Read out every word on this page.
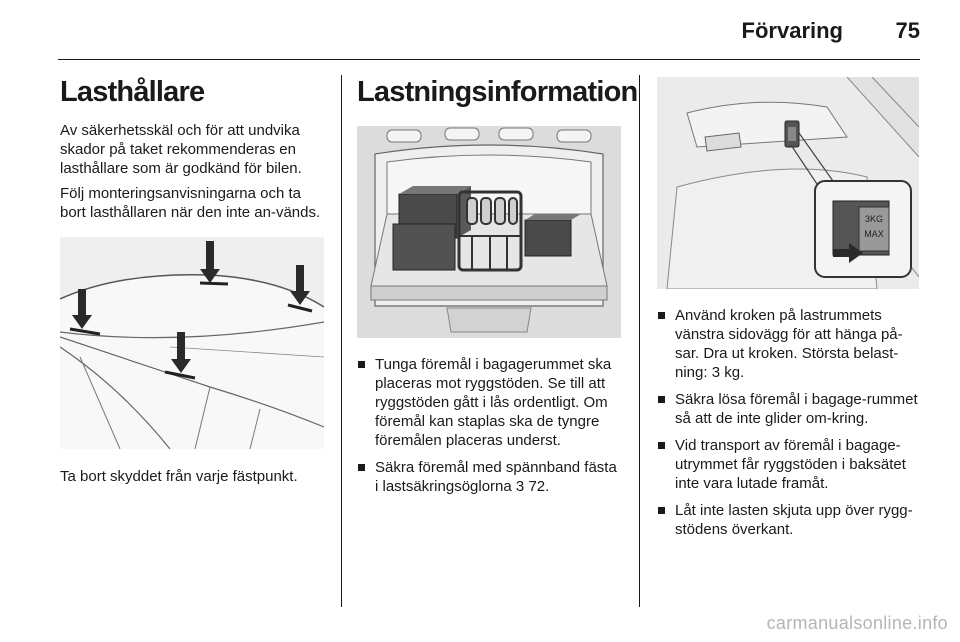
Förvaring 75
Lasthållare

Av säkerhetsskäl och för att undvika skador på taket rekommenderas en lasthållare som är godkänd för bilen.

Följ monteringsanvisningarna och ta bort lasthållaren när den inte an-vänds.

Ta bort skyddet från varje fästpunkt.

Lastningsinformation
Tunga föremål i bagagerummet ska placeras mot ryggstöden. Se till att ryggstöden gått i lås ordentligt. Om föremål kan staplas ska de tyngre föremålen placeras underst.
Säkra föremål med spännband fästa i lastsäkringsöglorna 3 72.
3KG
MAX
Använd kroken på lastrummets vänstra sidovägg för att hänga på-sar. Dra ut kroken. Största belast-ning: 3 kg.
Säkra lösa föremål i bagage-rummet så att de inte glider om-kring.
Vid transport av föremål i bagage-utrymmet får ryggstöden i baksätet inte vara lutade framåt.
Låt inte lasten skjuta upp över rygg-stödens överkant.
carmanualsonline.info
